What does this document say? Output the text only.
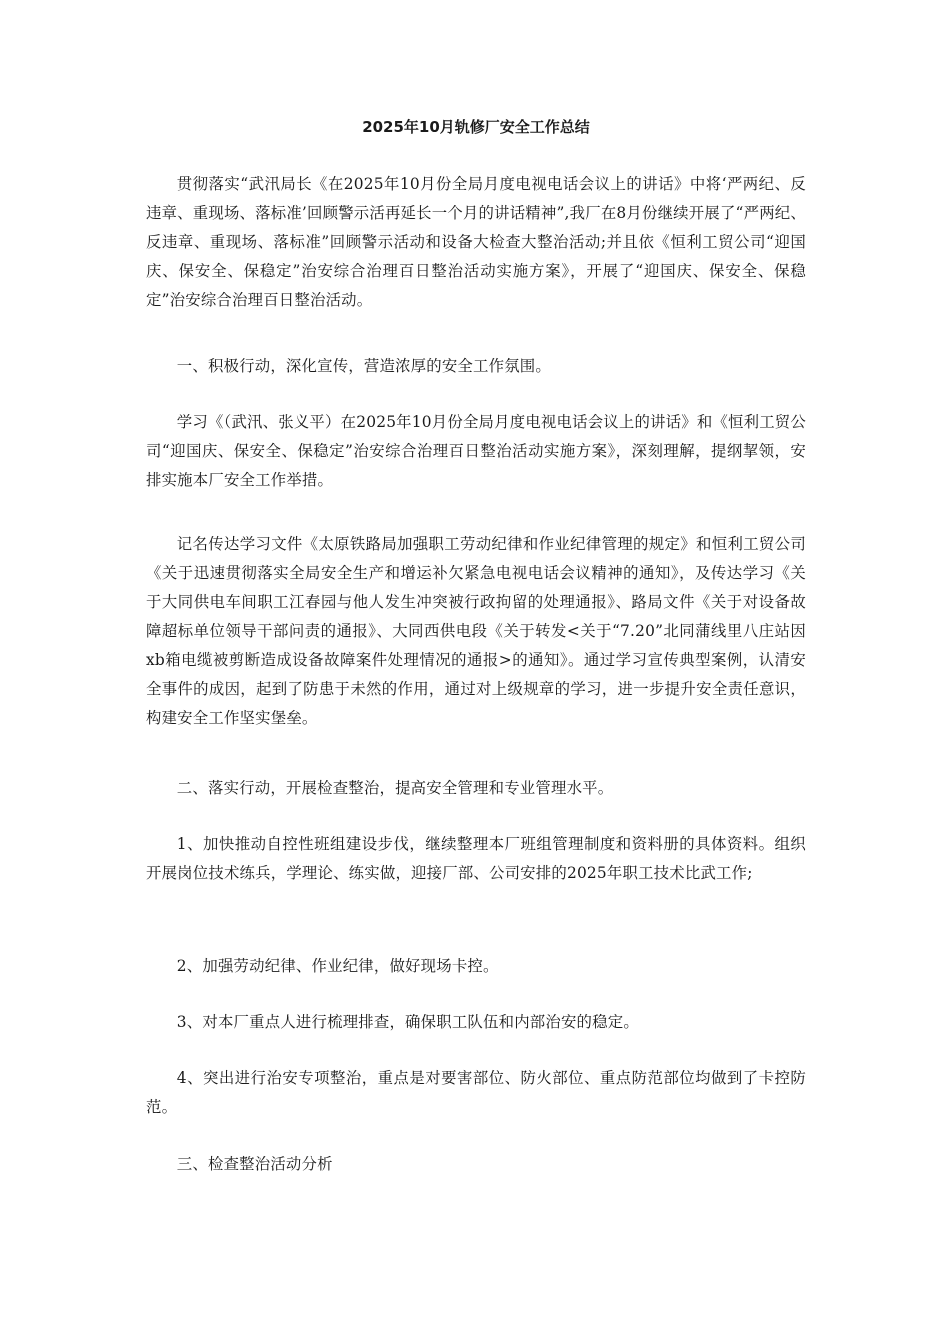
2025年10月轨修厂安全工作总结

贯彻落实“武汛局长《在2025年10月份全局月度电视电话会议上的讲话》中将‘严两纪、反违章、重现场、落标准’回顾警示活再延长一个月的讲话精神”,我厂在8月份继续开展了“严两纪、反违章、重现场、落标准”回顾警示活动和设备大检查大整治活动;并且依《恒利工贸公司“迎国庆、保安全、保稳定”治安综合治理百日整治活动实施方案》，开展了“迎国庆、保安全、保稳定”治安综合治理百日整治活动。

一、积极行动，深化宣传，营造浓厚的安全工作氛围。

学习《（武汛、张义平）在2025年10月份全局月度电视电话会议上的讲话》和《恒利工贸公司“迎国庆、保安全、保稳定”治安综合治理百日整治活动实施方案》，深刻理解，提纲挈领，安排实施本厂安全工作举措。

记名传达学习文件《太原铁路局加强职工劳动纪律和作业纪律管理的规定》和恒利工贸公司《关于迅速贯彻落实全局安全生产和增运补欠紧急电视电话会议精神的通知》，及传达学习《关于大同供电车间职工江春园与他人发生冲突被行政拘留的处理通报》、路局文件《关于对设备故障超标单位领导干部问责的通报》、大同西供电段《关于转发<关于“7.20”北同蒲线里八庄站因xb箱电缆被剪断造成设备故障案件处理情况的通报>的通知》。通过学习宣传典型案例，认清安全事件的成因，起到了防患于未然的作用，通过对上级规章的学习，进一步提升安全责任意识，构建安全工作坚实堡垒。

二、落实行动，开展检查整治，提高安全管理和专业管理水平。

1、加快推动自控性班组建设步伐，继续整理本厂班组管理制度和资料册的具体资料。组织开展岗位技术练兵，学理论、练实做，迎接厂部、公司安排的2025年职工技术比武工作;

2、加强劳动纪律、作业纪律，做好现场卡控。

3、对本厂重点人进行梳理排查，确保职工队伍和内部治安的稳定。

4、突出进行治安专项整治，重点是对要害部位、防火部位、重点防范部位均做到了卡控防范。

三、检查整治活动分析
